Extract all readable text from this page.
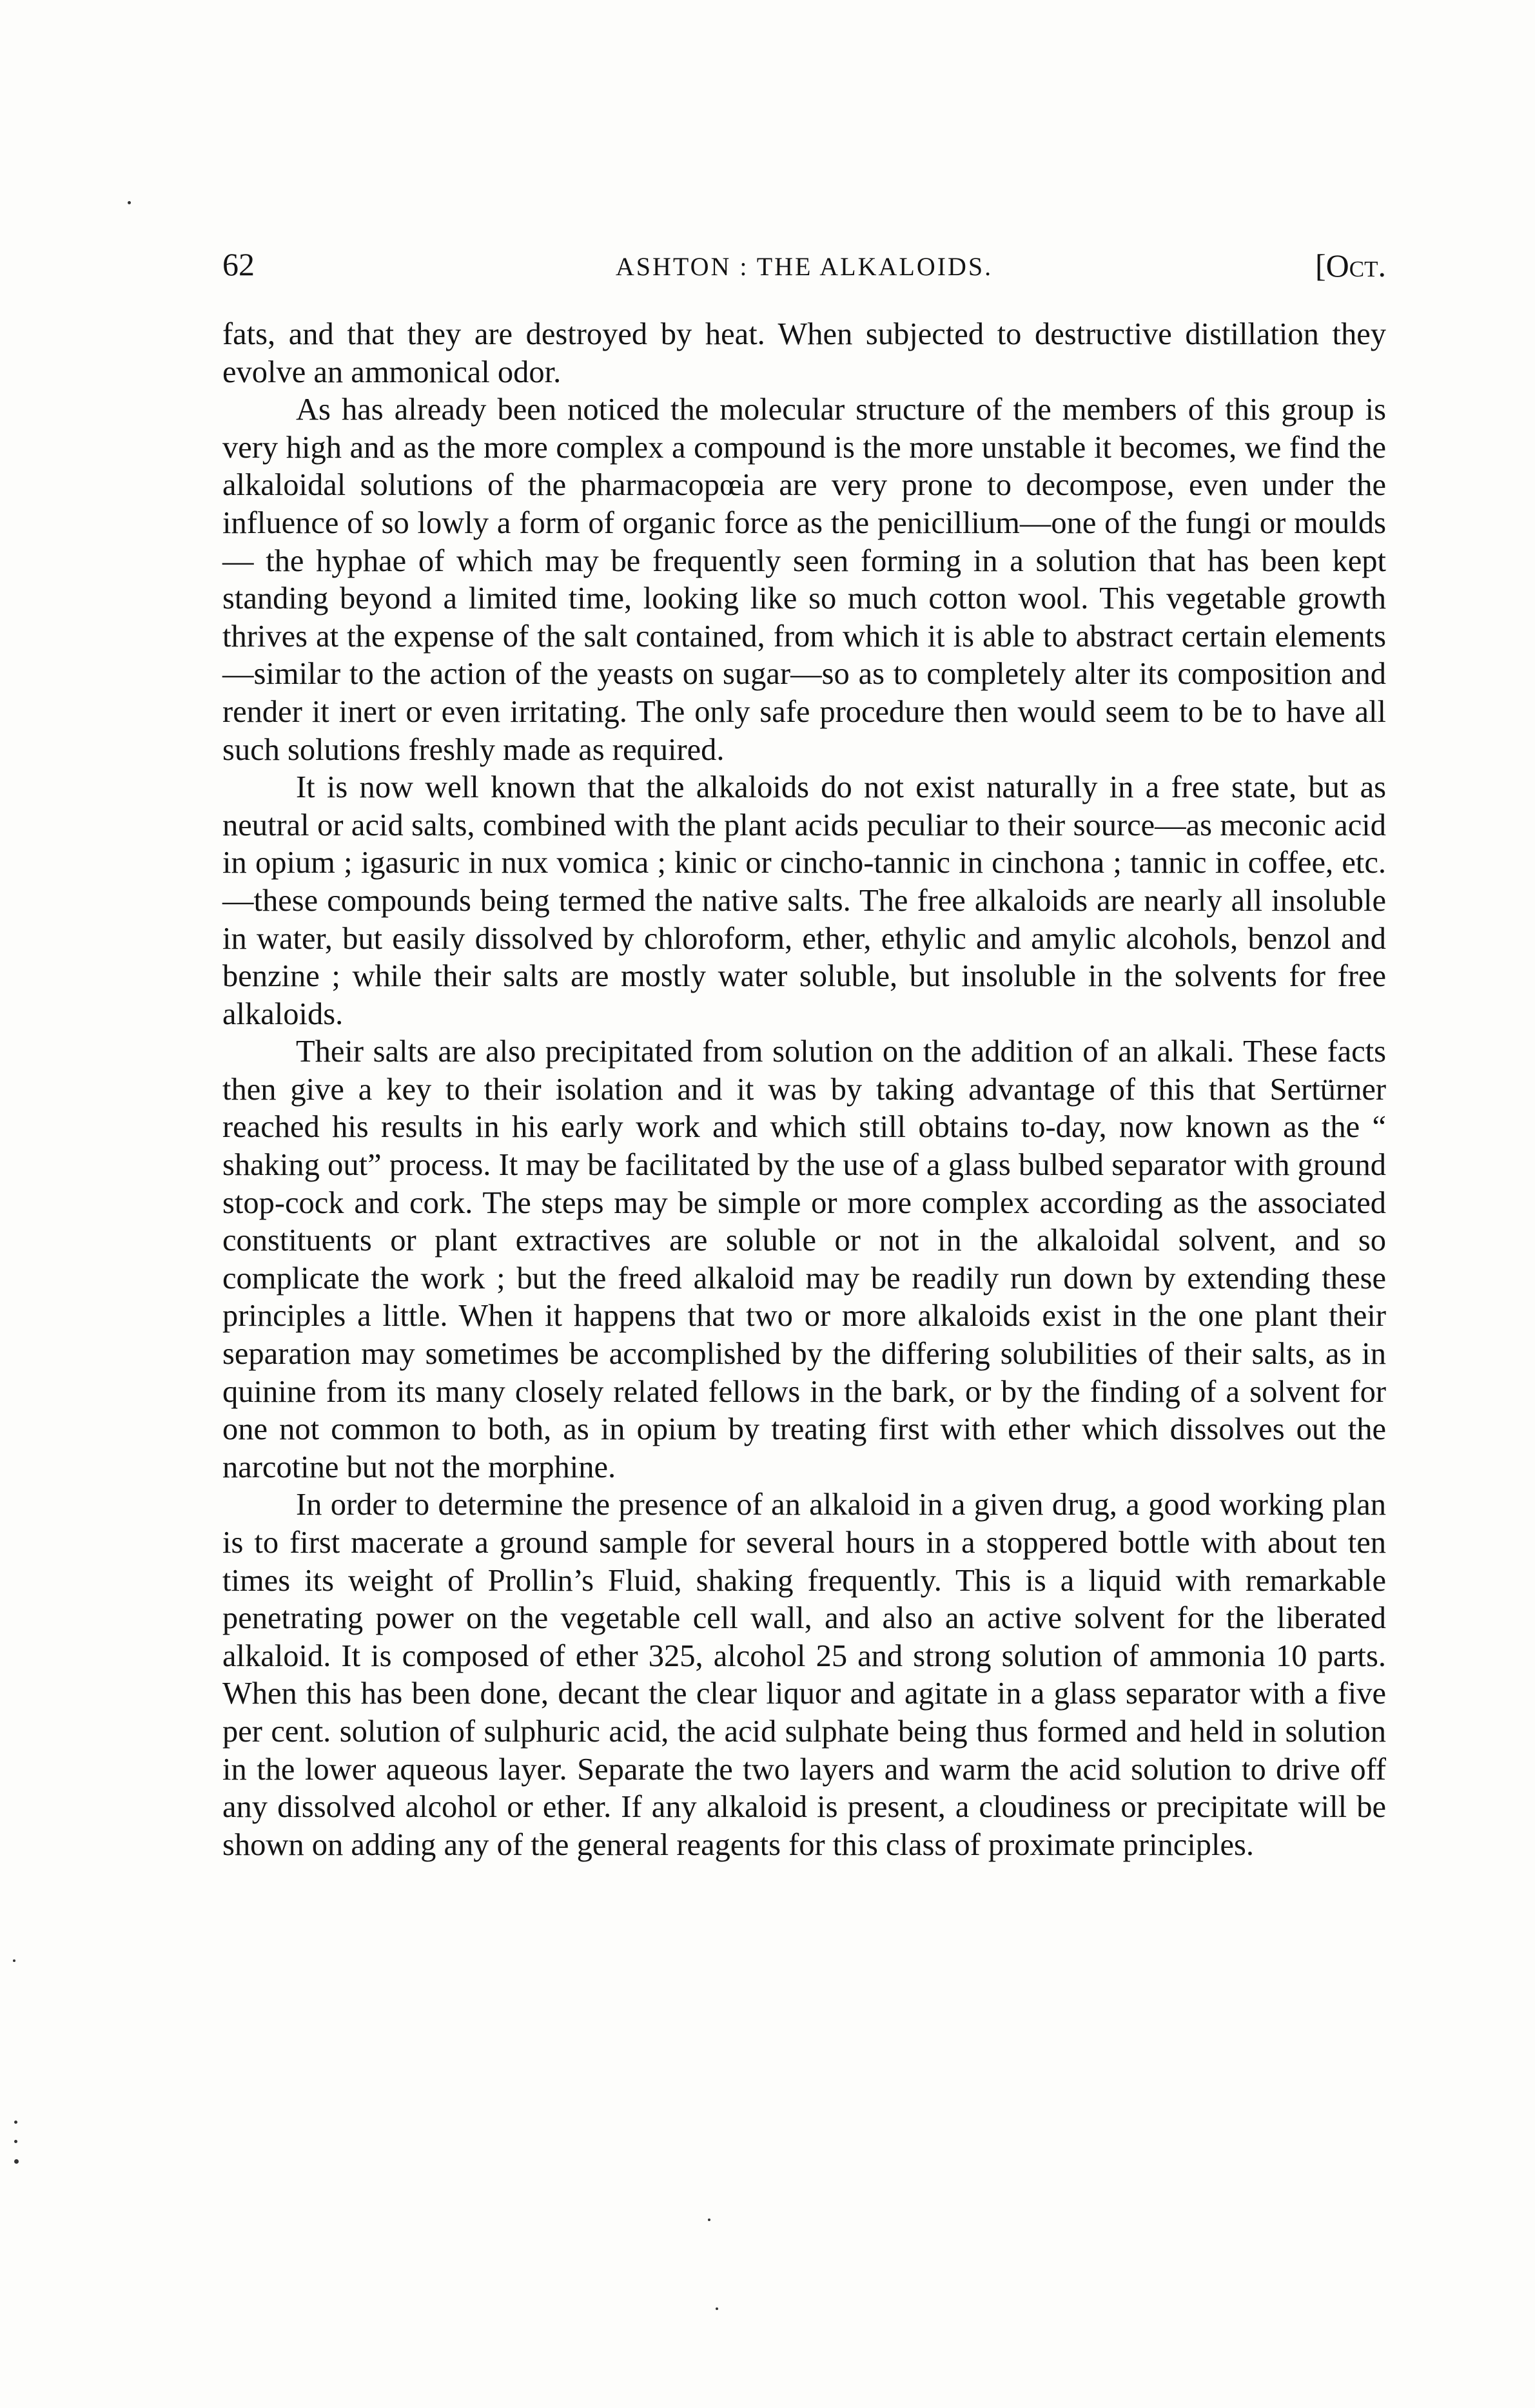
62	ASHTON : THE ALKALOIDS.	[Oct.

fats, and that they are destroyed by heat. When subjected to destructive distillation they evolve an ammonical odor.

As has already been noticed the molecular structure of the members of this group is very high and as the more complex a compound is the more unstable it becomes, we find the alkaloidal solutions of the pharmacopœia are very prone to decompose, even under the influence of so lowly a form of organic force as the penicillium—one of the fungi or moulds— the hyphae of which may be frequently seen forming in a solution that has been kept standing beyond a limited time, looking like so much cotton wool. This vegetable growth thrives at the expense of the salt contained, from which it is able to abstract certain elements—similar to the action of the yeasts on sugar—so as to completely alter its composition and render it inert or even irritating. The only safe procedure then would seem to be to have all such solutions freshly made as required.

It is now well known that the alkaloids do not exist naturally in a free state, but as neutral or acid salts, combined with the plant acids peculiar to their source—as meconic acid in opium ; igasuric in nux vomica ; kinic or cincho-tannic in cinchona ; tannic in coffee, etc.—these compounds being termed the native salts. The free alkaloids are nearly all insoluble in water, but easily dissolved by chloroform, ether, ethylic and amylic alcohols, benzol and benzine ; while their salts are mostly water soluble, but insoluble in the solvents for free alkaloids.

Their salts are also precipitated from solution on the addition of an alkali. These facts then give a key to their isolation and it was by taking advantage of this that Sertürner reached his results in his early work and which still obtains to-day, now known as the “ shaking out” process. It may be facilitated by the use of a glass bulbed separator with ground stop-cock and cork. The steps may be simple or more complex according as the associated constituents or plant extractives are soluble or not in the alkaloidal solvent, and so complicate the work ; but the freed alkaloid may be readily run down by extending these principles a little. When it happens that two or more alkaloids exist in the one plant their separation may sometimes be accomplished by the differing solubilities of their salts, as in quinine from its many closely related fellows in the bark, or by the finding of a solvent for one not common to both, as in opium by treating first with ether which dissolves out the narcotine but not the morphine.

In order to determine the presence of an alkaloid in a given drug, a good working plan is to first macerate a ground sample for several hours in a stoppered bottle with about ten times its weight of Prollin’s Fluid, shaking frequently. This is a liquid with remarkable penetrating power on the vegetable cell wall, and also an active solvent for the liberated alkaloid. It is composed of ether 325, alcohol 25 and strong solution of ammonia 10 parts. When this has been done, decant the clear liquor and agitate in a glass separator with a five per cent. solution of sulphuric acid, the acid sulphate being thus formed and held in solution in the lower aqueous layer. Separate the two layers and warm the acid solution to drive off any dissolved alcohol or ether. If any alkaloid is present, a cloudiness or precipitate will be shown on adding any of the general reagents for this class of proximate principles.
